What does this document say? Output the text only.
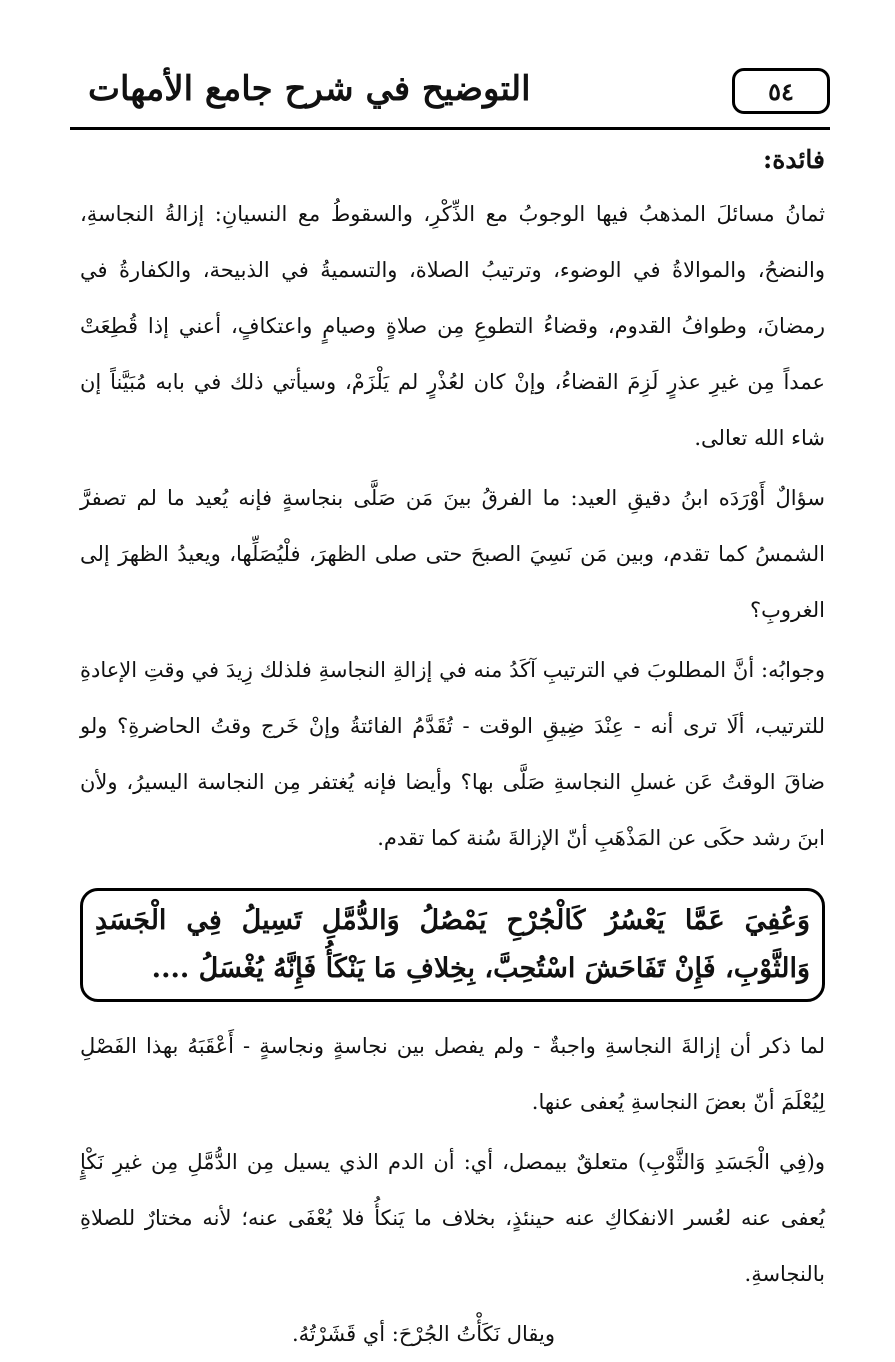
٥٤
التوضيح في شرح جامع الأمهات

فائدة:

ثمانُ مسائلَ المذهبُ فيها الوجوبُ مع الذِّكْرِ، والسقوطُ مع النسيانِ: إزالةُ النجاسةِ، والنضحُ، والموالاةُ في الوضوء، وترتيبُ الصلاة، والتسميةُ في الذبيحة، والكفارةُ في رمضانَ، وطوافُ القدوم، وقضاءُ التطوعِ مِن صلاةٍ وصيامٍ واعتكافٍ، أعني إذا قُطِعَتْ عمداً مِن غيرِ عذرٍ لَزِمَ القضاءُ، وإنْ كان لعُذْرٍ لم يَلْزَمْ، وسيأتي ذلك في بابه مُبَيَّناً إن شاء الله تعالى.

سؤالٌ أَوْرَدَه ابنُ دقيقِ العيد: ما الفرقُ بينَ مَن صَلَّى بنجاسةٍ فإنه يُعيد ما لم تصفرَّ الشمسُ كما تقدم، وبين مَن نَسِيَ الصبحَ حتى صلى الظهرَ، فلْيُصَلِّها، ويعيدُ الظهرَ إلى الغروبِ؟

وجوابُه: أنَّ المطلوبَ في الترتيبِ آكَدُ منه في إزالةِ النجاسةِ فلذلك زِيدَ في وقتِ الإعادةِ للترتيب، ألَا ترى أنه - عِنْدَ ضِيقِ الوقت - تُقَدَّمُ الفائتةُ وإنْ خَرج وقتُ الحاضرةِ؟ ولو ضاقَ الوقتُ عَن غسلِ النجاسةِ صَلَّى بها؟ وأيضا فإنه يُغتفر مِن النجاسة اليسيرُ، ولأن ابنَ رشد حكَى عن المَذْهَبِ أنّ الإزالةَ سُنة كما تقدم.

وَعُفِيَ عَمَّا يَعْسُرُ كَالْجُرْحِ يَمْصُلُ وَالدُّمَّلِ تَسِيلُ فِي الْجَسَدِ وَالثَّوْبِ، فَإِنْ تَفَاحَشَ اسْتُحِبَّ، بِخِلافِ مَا يَنْكَأُ فَإِنَّهُ يُغْسَلُ ....

لما ذكر أن إزالةَ النجاسةِ واجبةٌ - ولم يفصل بين نجاسةٍ ونجاسةٍ - أَعْقَبَهُ بهذا الفَصْلِ لِيُعْلَمَ أنّ بعضَ النجاسةِ يُعفى عنها.

و(فِي الْجَسَدِ وَالثَّوْبِ) متعلقٌ بيمصل، أي: أن الدم الذي يسيل مِن الدُّمَّلِ مِن غيرِ نَكْإٍ يُعفى عنه لعُسر الانفكاكِ عنه حينئذٍ، بخلاف ما يَنكأُ فلا يُعْفَى عنه؛ لأنه مختارٌ للصلاةِ بالنجاسةِ.

ويقال نَكَأْتُ الجُرْحَ: أي قَشَرْتُهُ.
